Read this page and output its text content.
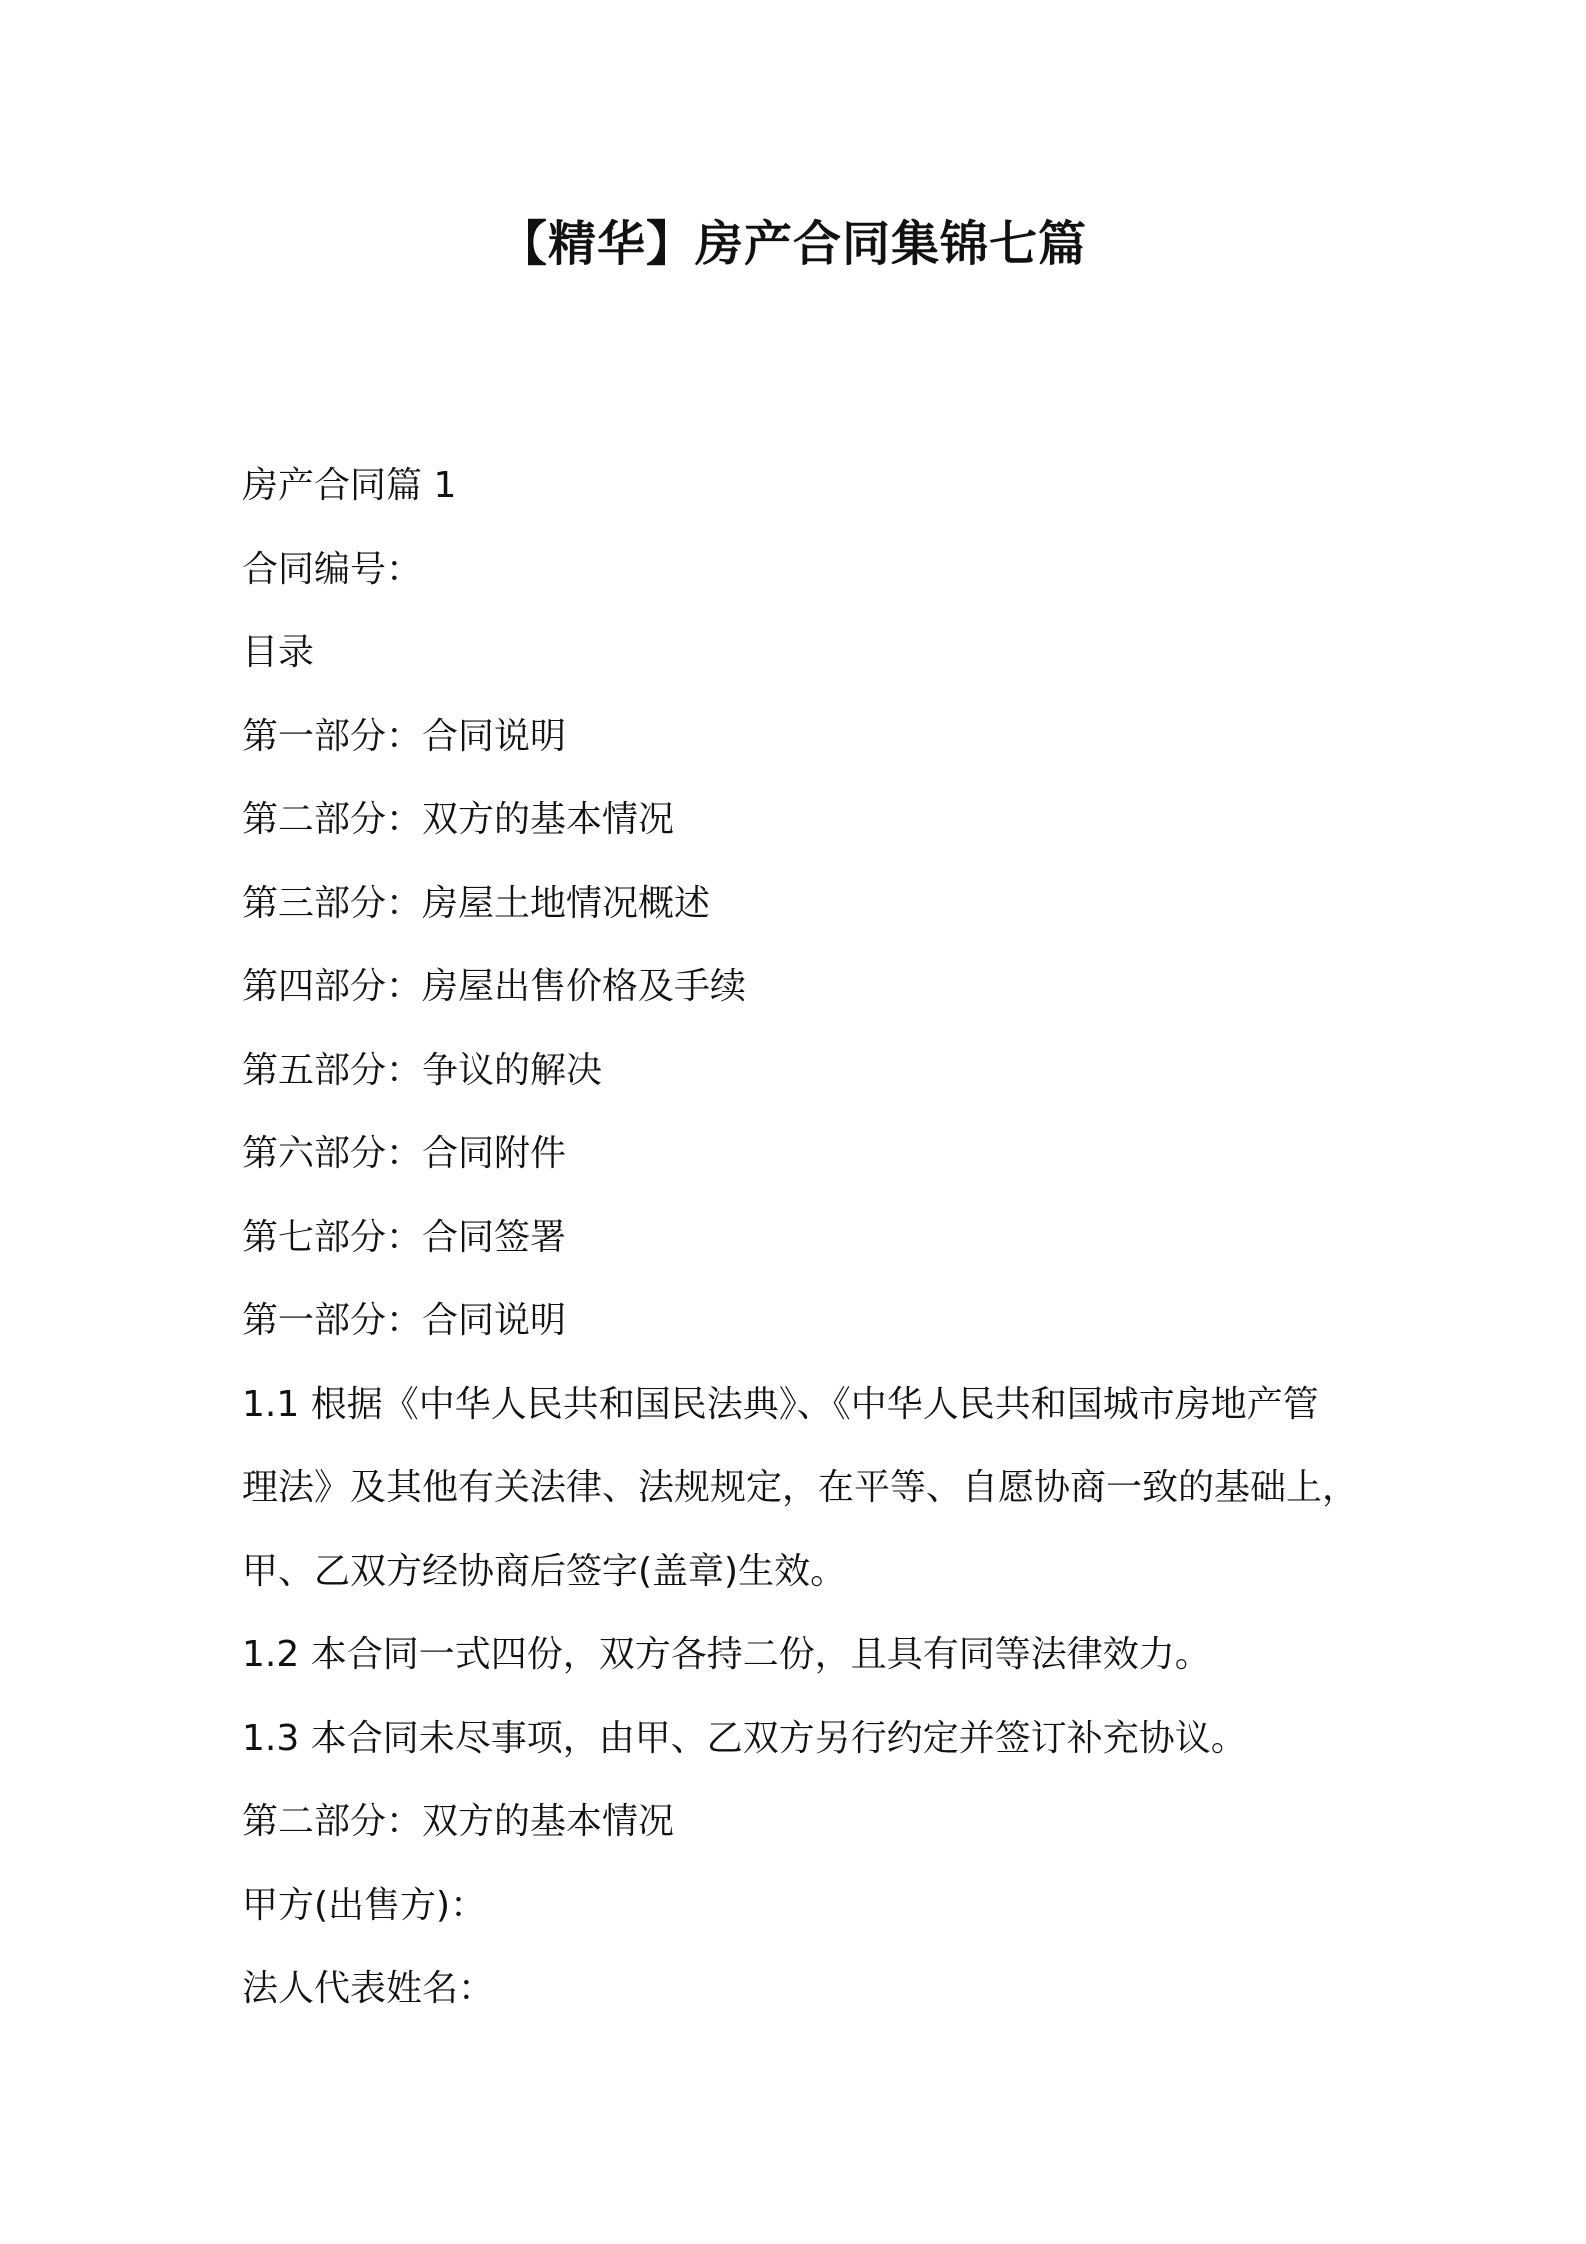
【精华】房产合同集锦七篇
房产合同篇 1
合同编号：
目录
第一部分：合同说明
第二部分：双方的基本情况
第三部分：房屋土地情况概述
第四部分：房屋出售价格及手续
第五部分：争议的解决
第六部分：合同附件
第七部分：合同签署
第一部分：合同说明
1.1 根据《中华人民共和国民法典》、《中华人民共和国城市房地产管
理法》及其他有关法律、法规规定，在平等、自愿协商一致的基础上，
甲、乙双方经协商后签字(盖章)生效。
1.2 本合同一式四份，双方各持二份，且具有同等法律效力。
1.3 本合同未尽事项，由甲、乙双方另行约定并签订补充协议。
第二部分：双方的基本情况
甲方(出售方)：
法人代表姓名：
